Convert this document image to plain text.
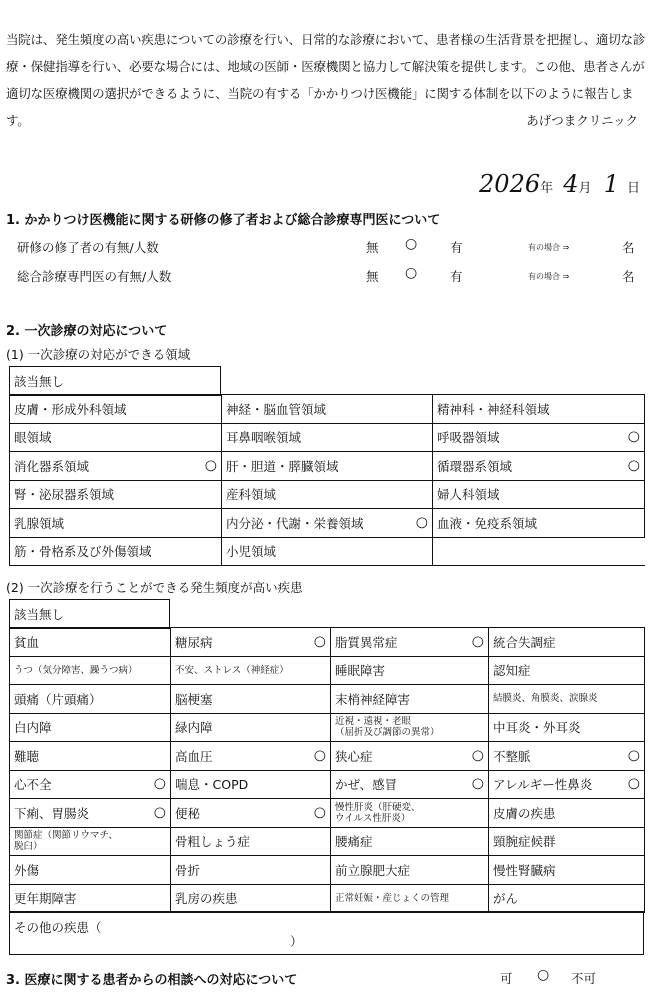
当院は、発生頻度の高い疾患についての診療を行い、日常的な診療において、患者様の生活背景を把握し、適切な診療・保健指導を行い、必要な場合には、地域の医師・医療機関と協力して解決策を提供します。この他、患者さんが適切な医療機関の選択ができるように、当院の有する「かかりつけ医機能」に関する体制を以下のように報告します。	あげつまクリニック
2026年 4月 1 日
1. かかりつけ医機能に関する研修の修了者および総合診療専門医について
研修の修了者の有無/人数	無 ○	有	有の場合 ⇒	名
総合診療専門医の有無/人数	無 ○	有	有の場合 ⇒	名
2. 一次診療の対応について
(1) 一次診療の対応ができる領域
該当無し
皮膚・形成外科領域	神経・脳血管領域	精神科・神経科領域
眼領域	耳鼻咽喉領域	呼吸器領域 ○

消化器系領域 ○	肝・胆道・膵臓領域	循環器系領域 ○

腎・泌尿器系領域	産科領域	婦人科領域
乳腺領域	内分泌・代謝・栄養領域 ○	血液・免疫系領域
筋・骨格系及び外傷領域	小児領域	
(2) 一次診療を行うことができる発生頻度が高い疾患
該当無し
貧血	糖尿病 ○	脂質異常症 ○	統合失調症
うつ（気分障害、躁うつ病）	不安、ストレス（神経症）	睡眠障害	認知症
頭痛（片頭痛）	脳梗塞	末梢神経障害	結膜炎、角膜炎、涙腺炎
白内障	緑内障	近視・遠視・老眼
（屈折及び調節の異常）	中耳炎・外耳炎
難聴	高血圧 ○	狭心症 ○	不整脈 ○

心不全 ○	喘息・COPD	かぜ、感冒 ○	アレルギー性鼻炎 ○

下痢、胃腸炎 ○	便秘 ○	慢性肝炎（肝硬変、
ウイルス性肝炎）	皮膚の疾患
関節症（関節リウマチ、
脱臼）	骨粗しょう症	腰痛症	頸腕症候群
外傷	骨折	前立腺肥大症	慢性腎臓病
更年期障害	乳房の疾患	正常妊娠・産じょくの管理	がん
その他の疾患（
）
3. 医療に関する患者からの相談への対応について	可 ○ 不可
